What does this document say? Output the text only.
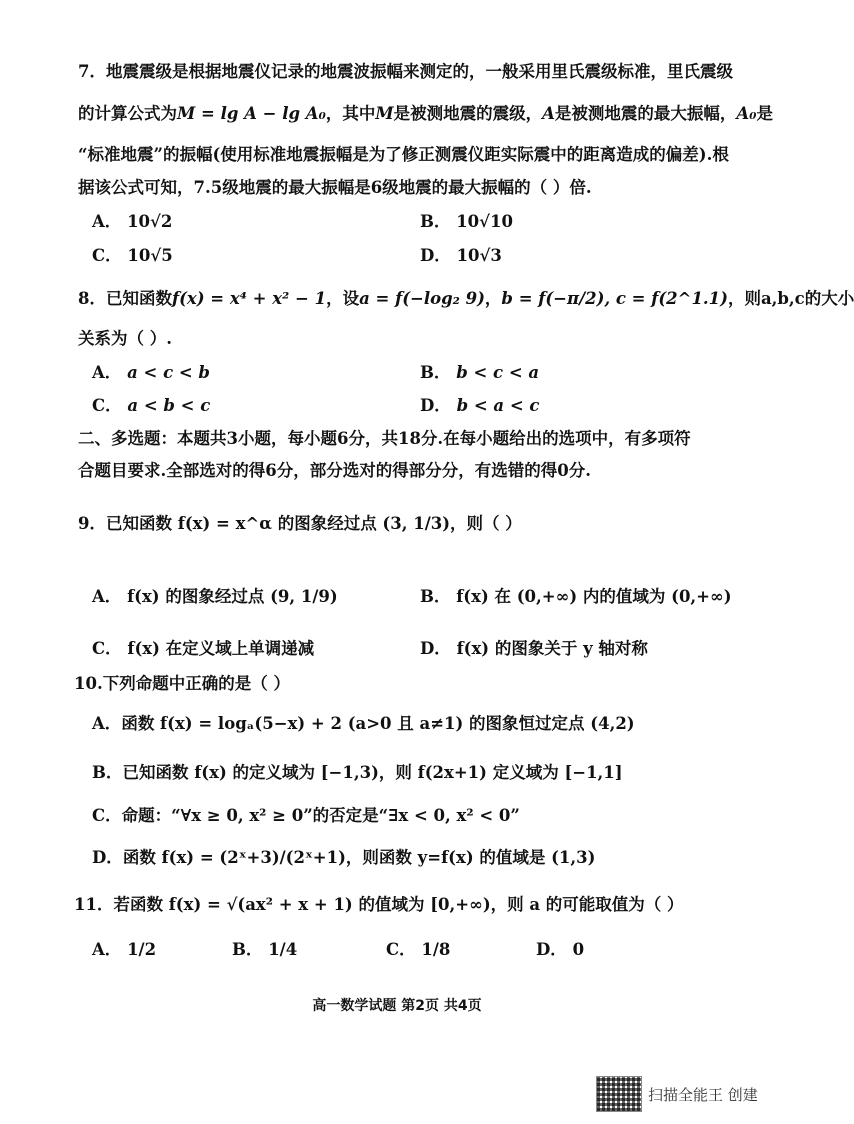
7．地震震级是根据地震仪记录的地震波振幅来测定的，一般采用里氏震级标准，里氏震级
的计算公式为M = lg A − lg A₀，其中M是被测地震的震级，A是被测地震的最大振幅，A₀是
“标准地震”的振幅(使用标准地震振幅是为了修正测震仪距实际震中的距离造成的偏差).根
据该公式可知，7.5级地震的最大振幅是6级地震的最大振幅的（ ）倍.
A． 10√2	B． 10√10
C． 10√5	D． 10√3
8．已知函数f(x) = x⁴ + x² − 1，设a = f(−log₂ 9)，b = f(−π/2), c = f(2^1.1)，则a,b,c的大小
关系为（ ）.
A． a < c < b	B． b < c < a
C． a < b < c	D． b < a < c
二、多选题：本题共3小题，每小题6分，共18分.在每小题给出的选项中，有多项符
合题目要求.全部选对的得6分，部分选对的得部分分，有选错的得0分.
9．已知函数 f(x) = x^α 的图象经过点 (3, 1/3)，则（ ）
A． f(x) 的图象经过点 (9, 1/9)	B． f(x) 在 (0,+∞) 内的值域为 (0,+∞)
C． f(x) 在定义域上单调递减	D． f(x) 的图象关于 y 轴对称
10.下列命题中正确的是（ ）
A．函数 f(x) = logₐ(5−x) + 2 (a>0 且 a≠1) 的图象恒过定点 (4,2)
B．已知函数 f(x) 的定义域为 [−1,3)，则 f(2x+1) 定义域为 [−1,1]
C．命题：“∀x ≥ 0, x² ≥ 0”的否定是“∃x < 0, x² < 0”
D．函数 f(x) = (2ˣ+3)/(2ˣ+1)，则函数 y=f(x) 的值域是 (1,3)
11．若函数 f(x) = √(ax² + x + 1) 的值域为 [0,+∞)，则 a 的可能取值为（ ）
A． 1/2	B． 1/4	C． 1/8	D． 0
高一数学试题 第2页 共4页
扫描全能王 创建
